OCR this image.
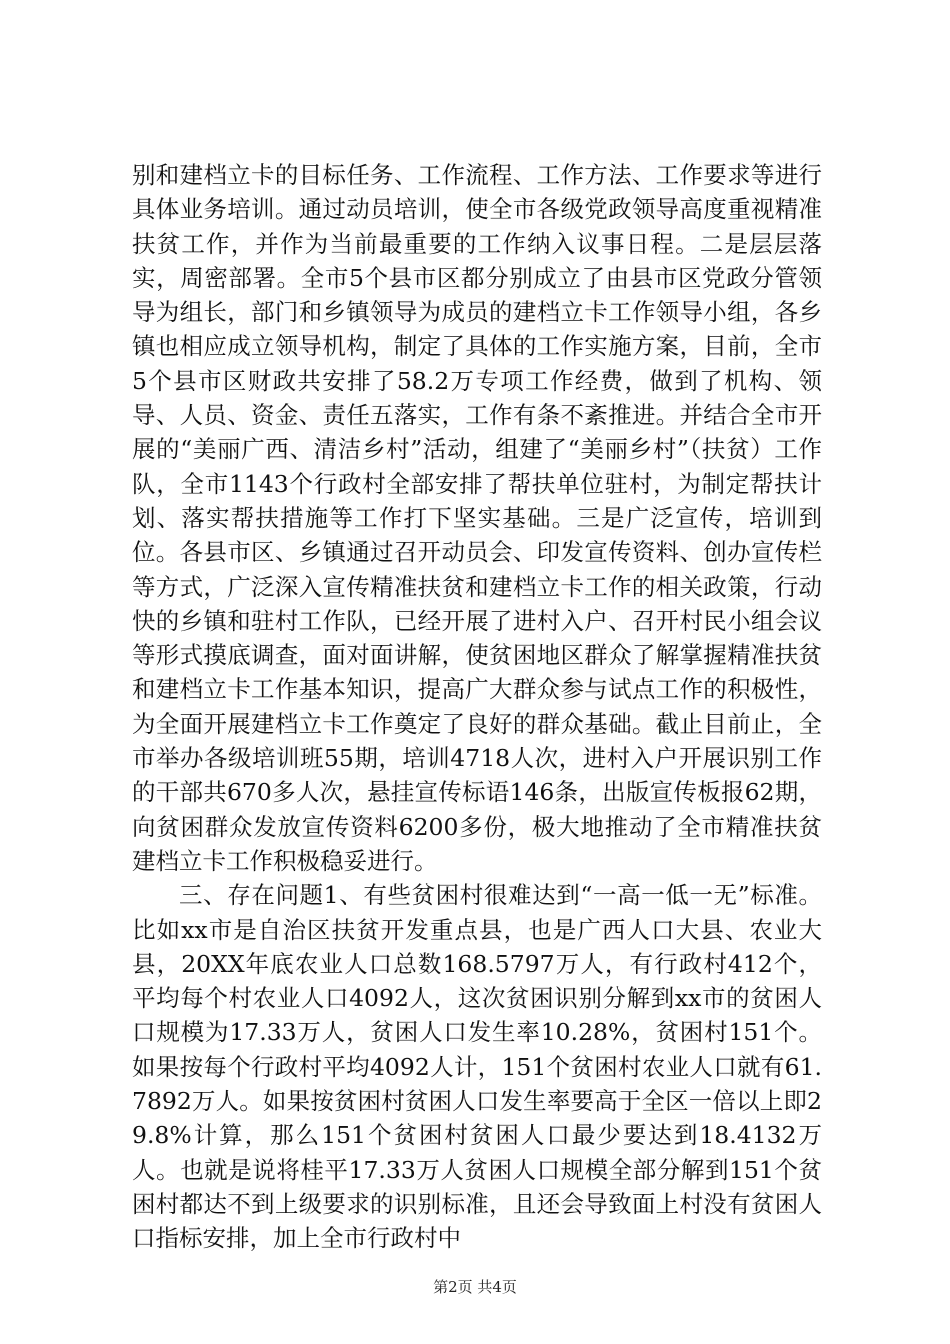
别和建档立卡的目标任务、工作流程、工作方法、工作要求等进行具体业务培训。通过动员培训，使全市各级党政领导高度重视精准扶贫工作，并作为当前最重要的工作纳入议事日程。二是层层落实，周密部署。全市5个县市区都分别成立了由县市区党政分管领导为组长，部门和乡镇领导为成员的建档立卡工作领导小组，各乡镇也相应成立领导机构，制定了具体的工作实施方案，目前，全市5个县市区财政共安排了58.2万专项工作经费，做到了机构、领导、人员、资金、责任五落实，工作有条不紊推进。并结合全市开展的“美丽广西、清洁乡村”活动，组建了“美丽乡村”（扶贫）工作队，全市1143个行政村全部安排了帮扶单位驻村，为制定帮扶计划、落实帮扶措施等工作打下坚实基础。三是广泛宣传，培训到位。各县市区、乡镇通过召开动员会、印发宣传资料、创办宣传栏等方式，广泛深入宣传精准扶贫和建档立卡工作的相关政策，行动快的乡镇和驻村工作队，已经开展了进村入户、召开村民小组会议等形式摸底调查，面对面讲解，使贫困地区群众了解掌握精准扶贫和建档立卡工作基本知识，提高广大群众参与试点工作的积极性，为全面开展建档立卡工作奠定了良好的群众基础。截止目前止，全市举办各级培训班55期，培训4718人次，进村入户开展识别工作的干部共670多人次，悬挂宣传标语146条，出版宣传板报62期，向贫困群众发放宣传资料6200多份，极大地推动了全市精准扶贫建档立卡工作积极稳妥进行。

三、存在问题1、有些贫困村很难达到“一高一低一无”标准。比如xx市是自治区扶贫开发重点县，也是广西人口大县、农业大县，20XX年底农业人口总数168.5797万人，有行政村412个，平均每个村农业人口4092人，这次贫困识别分解到xx市的贫困人口规模为17.33万人，贫困人口发生率10.28%，贫困村151个。如果按每个行政村平均4092人计，151个贫困村农业人口就有61.7892万人。如果按贫困村贫困人口发生率要高于全区一倍以上即29.8%计算，那么151个贫困村贫困人口最少要达到18.4132万人。也就是说将桂平17.33万人贫困人口规模全部分解到151个贫困村都达不到上级要求的识别标准，且还会导致面上村没有贫困人口指标安排，加上全市行政村中

第2页 共4页
